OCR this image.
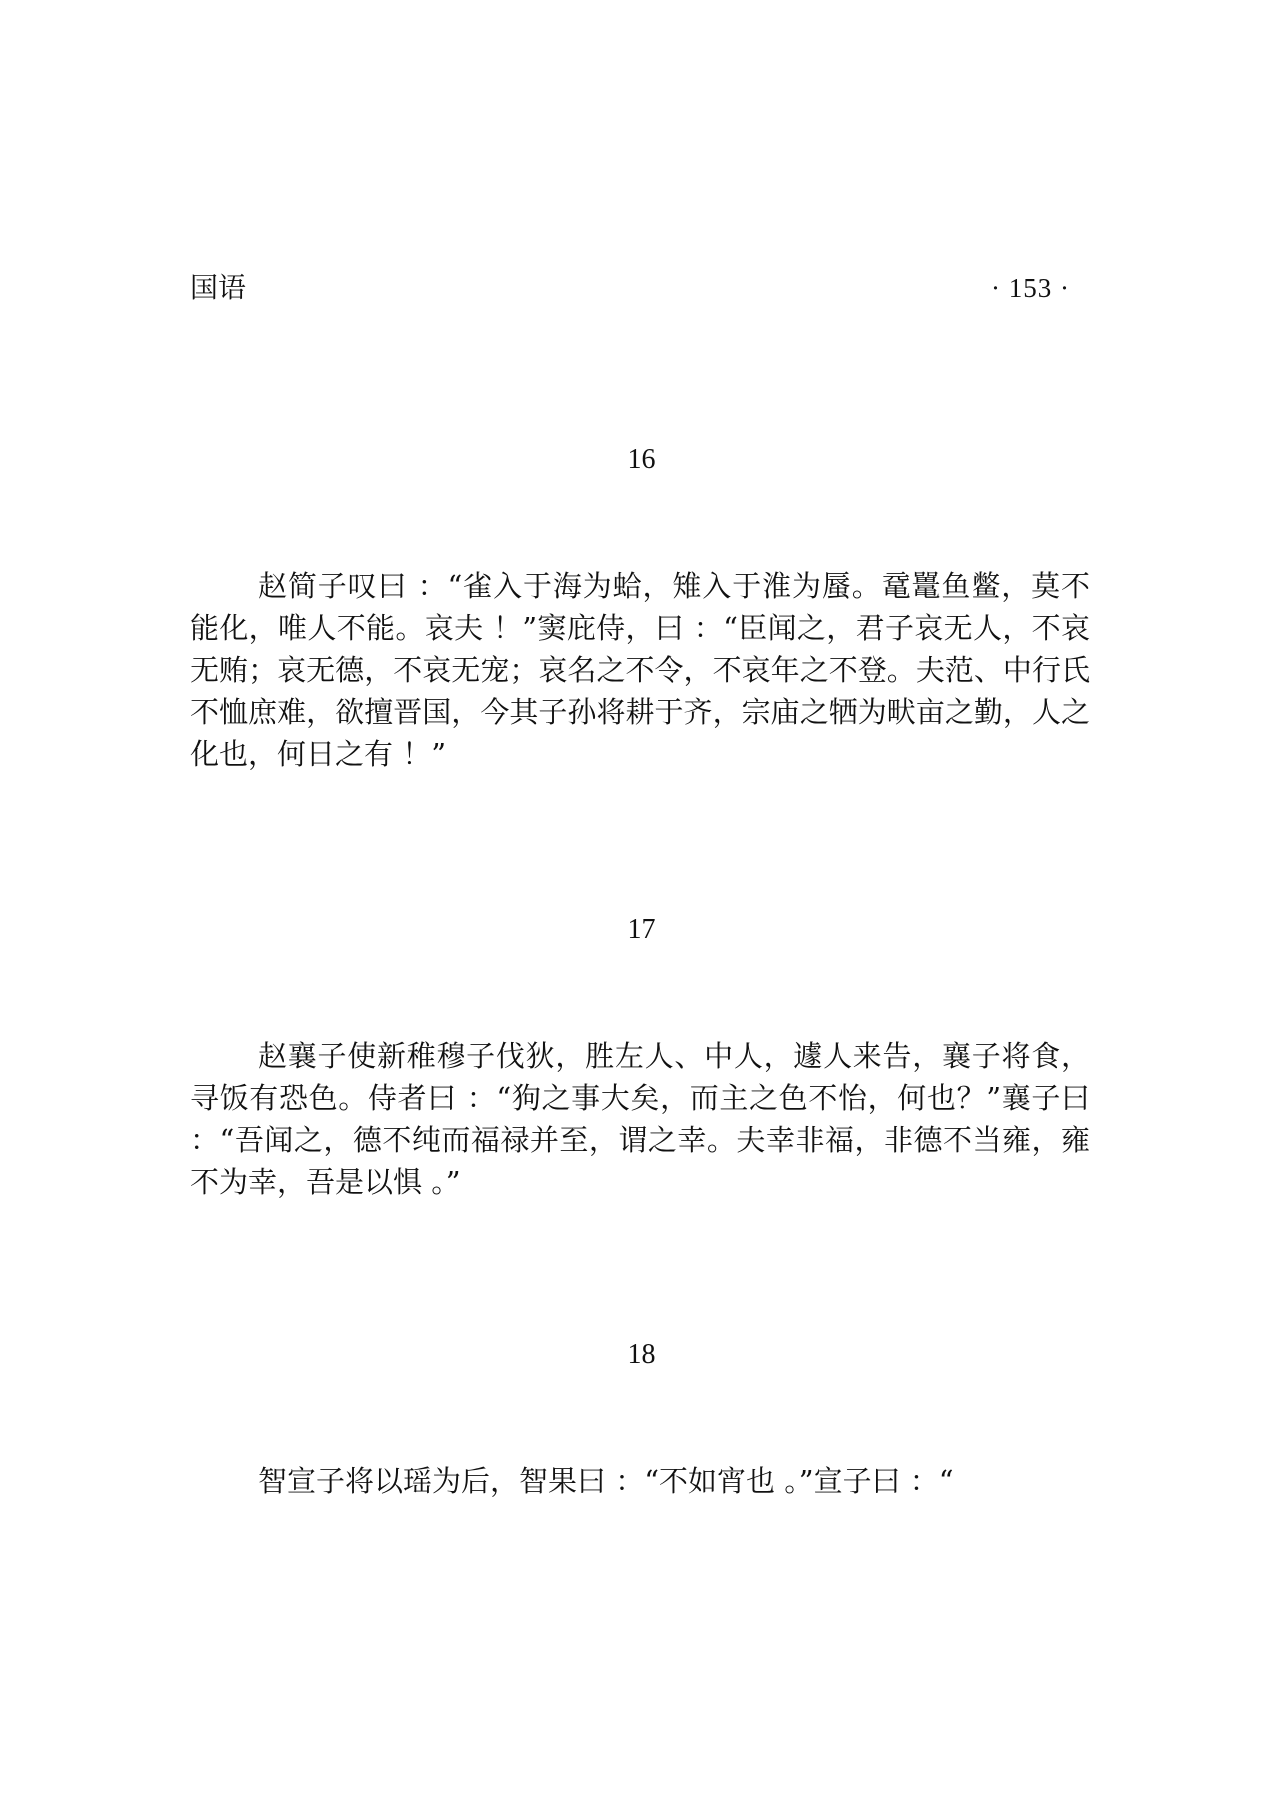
国语	· 153 ·
16

赵简子叹曰 ：“雀入于海为蛤，雉入于淮为蜃。鼋鼍鱼鳖，莫不能化，唯人不能。哀夫 ！”窦庇侍，曰 ：“臣闻之，君子哀无人，不哀无贿；哀无德，不哀无宠；哀名之不令，不哀年之不登。夫范、中行氏不恤庶难，欲擅晋国，今其子孙将耕于齐，宗庙之牺为畎亩之勤，人之化也，何日之有 ！”

17

赵襄子使新稚穆子伐狄，胜左人、中人，遽人来告，襄子将食，寻饭有恐色。侍者曰 ：“狗之事大矣，而主之色不怡，何也？”襄子曰 ：“吾闻之，德不纯而福禄并至，谓之幸。夫幸非福，非德不当雍，雍不为幸，吾是以惧 。”

18

智宣子将以瑶为后，智果曰 ：“不如宵也 。”宣子曰 ：“
